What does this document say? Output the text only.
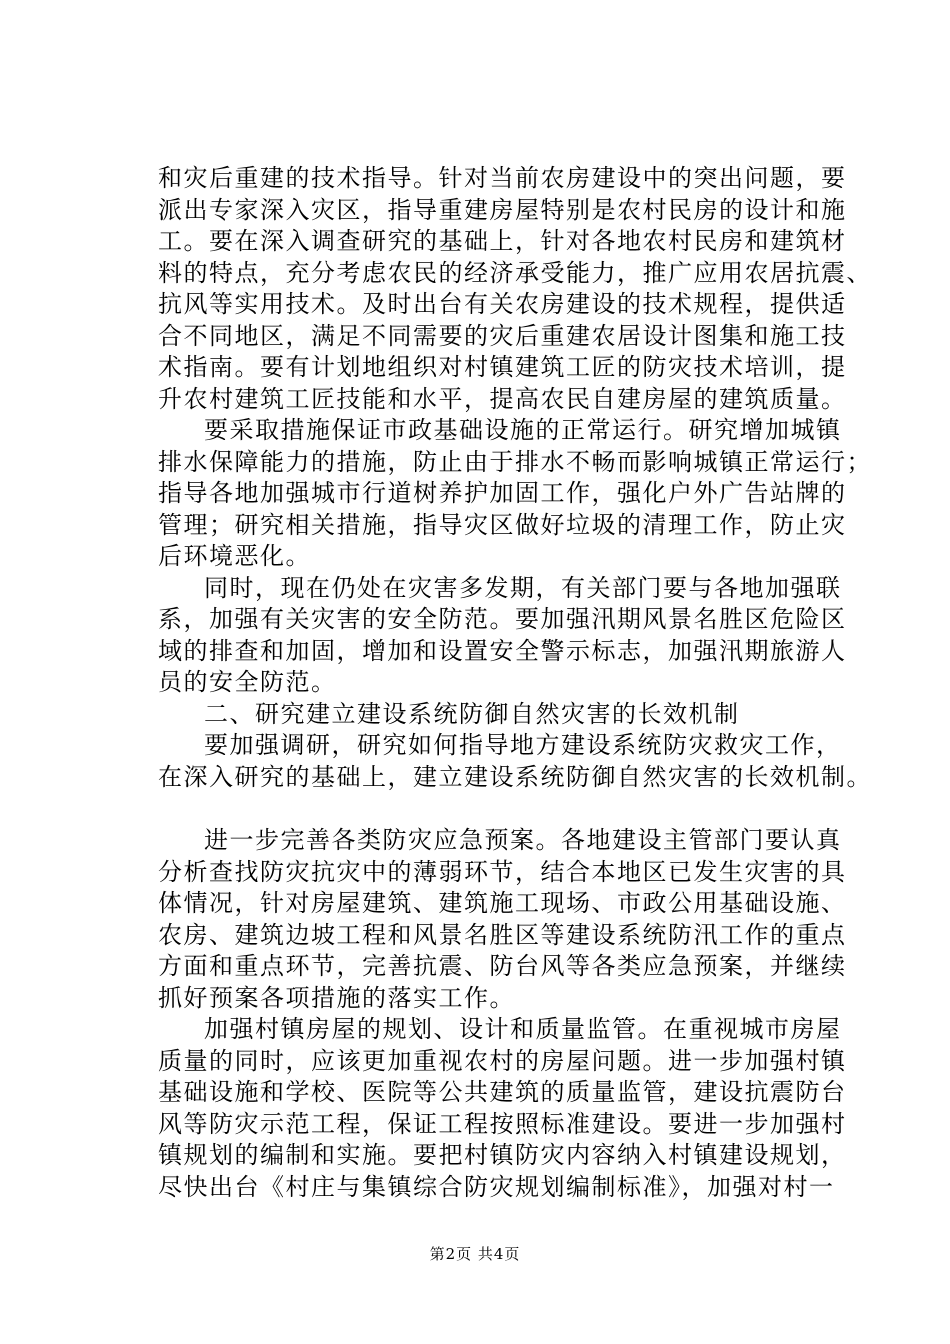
和灾后重建的技术指导。针对当前农房建设中的突出问题，要
派出专家深入灾区，指导重建房屋特别是农村民房的设计和施
工。要在深入调查研究的基础上，针对各地农村民房和建筑材
料的特点，充分考虑农民的经济承受能力，推广应用农居抗震、
抗风等实用技术。及时出台有关农房建设的技术规程，提供适
合不同地区，满足不同需要的灾后重建农居设计图集和施工技
术指南。要有计划地组织对村镇建筑工匠的防灾技术培训，提
升农村建筑工匠技能和水平，提高农民自建房屋的建筑质量。
要采取措施保证市政基础设施的正常运行。研究增加城镇
排水保障能力的措施，防止由于排水不畅而影响城镇正常运行；
指导各地加强城市行道树养护加固工作，强化户外广告站牌的
管理；研究相关措施，指导灾区做好垃圾的清理工作，防止灾
后环境恶化。
同时，现在仍处在灾害多发期，有关部门要与各地加强联
系，加强有关灾害的安全防范。要加强汛期风景名胜区危险区
域的排查和加固，增加和设置安全警示标志，加强汛期旅游人
员的安全防范。
二、研究建立建设系统防御自然灾害的长效机制
要加强调研，研究如何指导地方建设系统防灾救灾工作，
在深入研究的基础上，建立建设系统防御自然灾害的长效机制。
进一步完善各类防灾应急预案。各地建设主管部门要认真
分析查找防灾抗灾中的薄弱环节，结合本地区已发生灾害的具
体情况，针对房屋建筑、建筑施工现场、市政公用基础设施、
农房、建筑边坡工程和风景名胜区等建设系统防汛工作的重点
方面和重点环节，完善抗震、防台风等各类应急预案，并继续
抓好预案各项措施的落实工作。
加强村镇房屋的规划、设计和质量监管。在重视城市房屋
质量的同时，应该更加重视农村的房屋问题。进一步加强村镇
基础设施和学校、医院等公共建筑的质量监管，建设抗震防台
风等防灾示范工程，保证工程按照标准建设。要进一步加强村
镇规划的编制和实施。要把村镇防灾内容纳入村镇建设规划，
尽快出台《村庄与集镇综合防灾规划编制标准》，加强对村一
第2页 共4页
